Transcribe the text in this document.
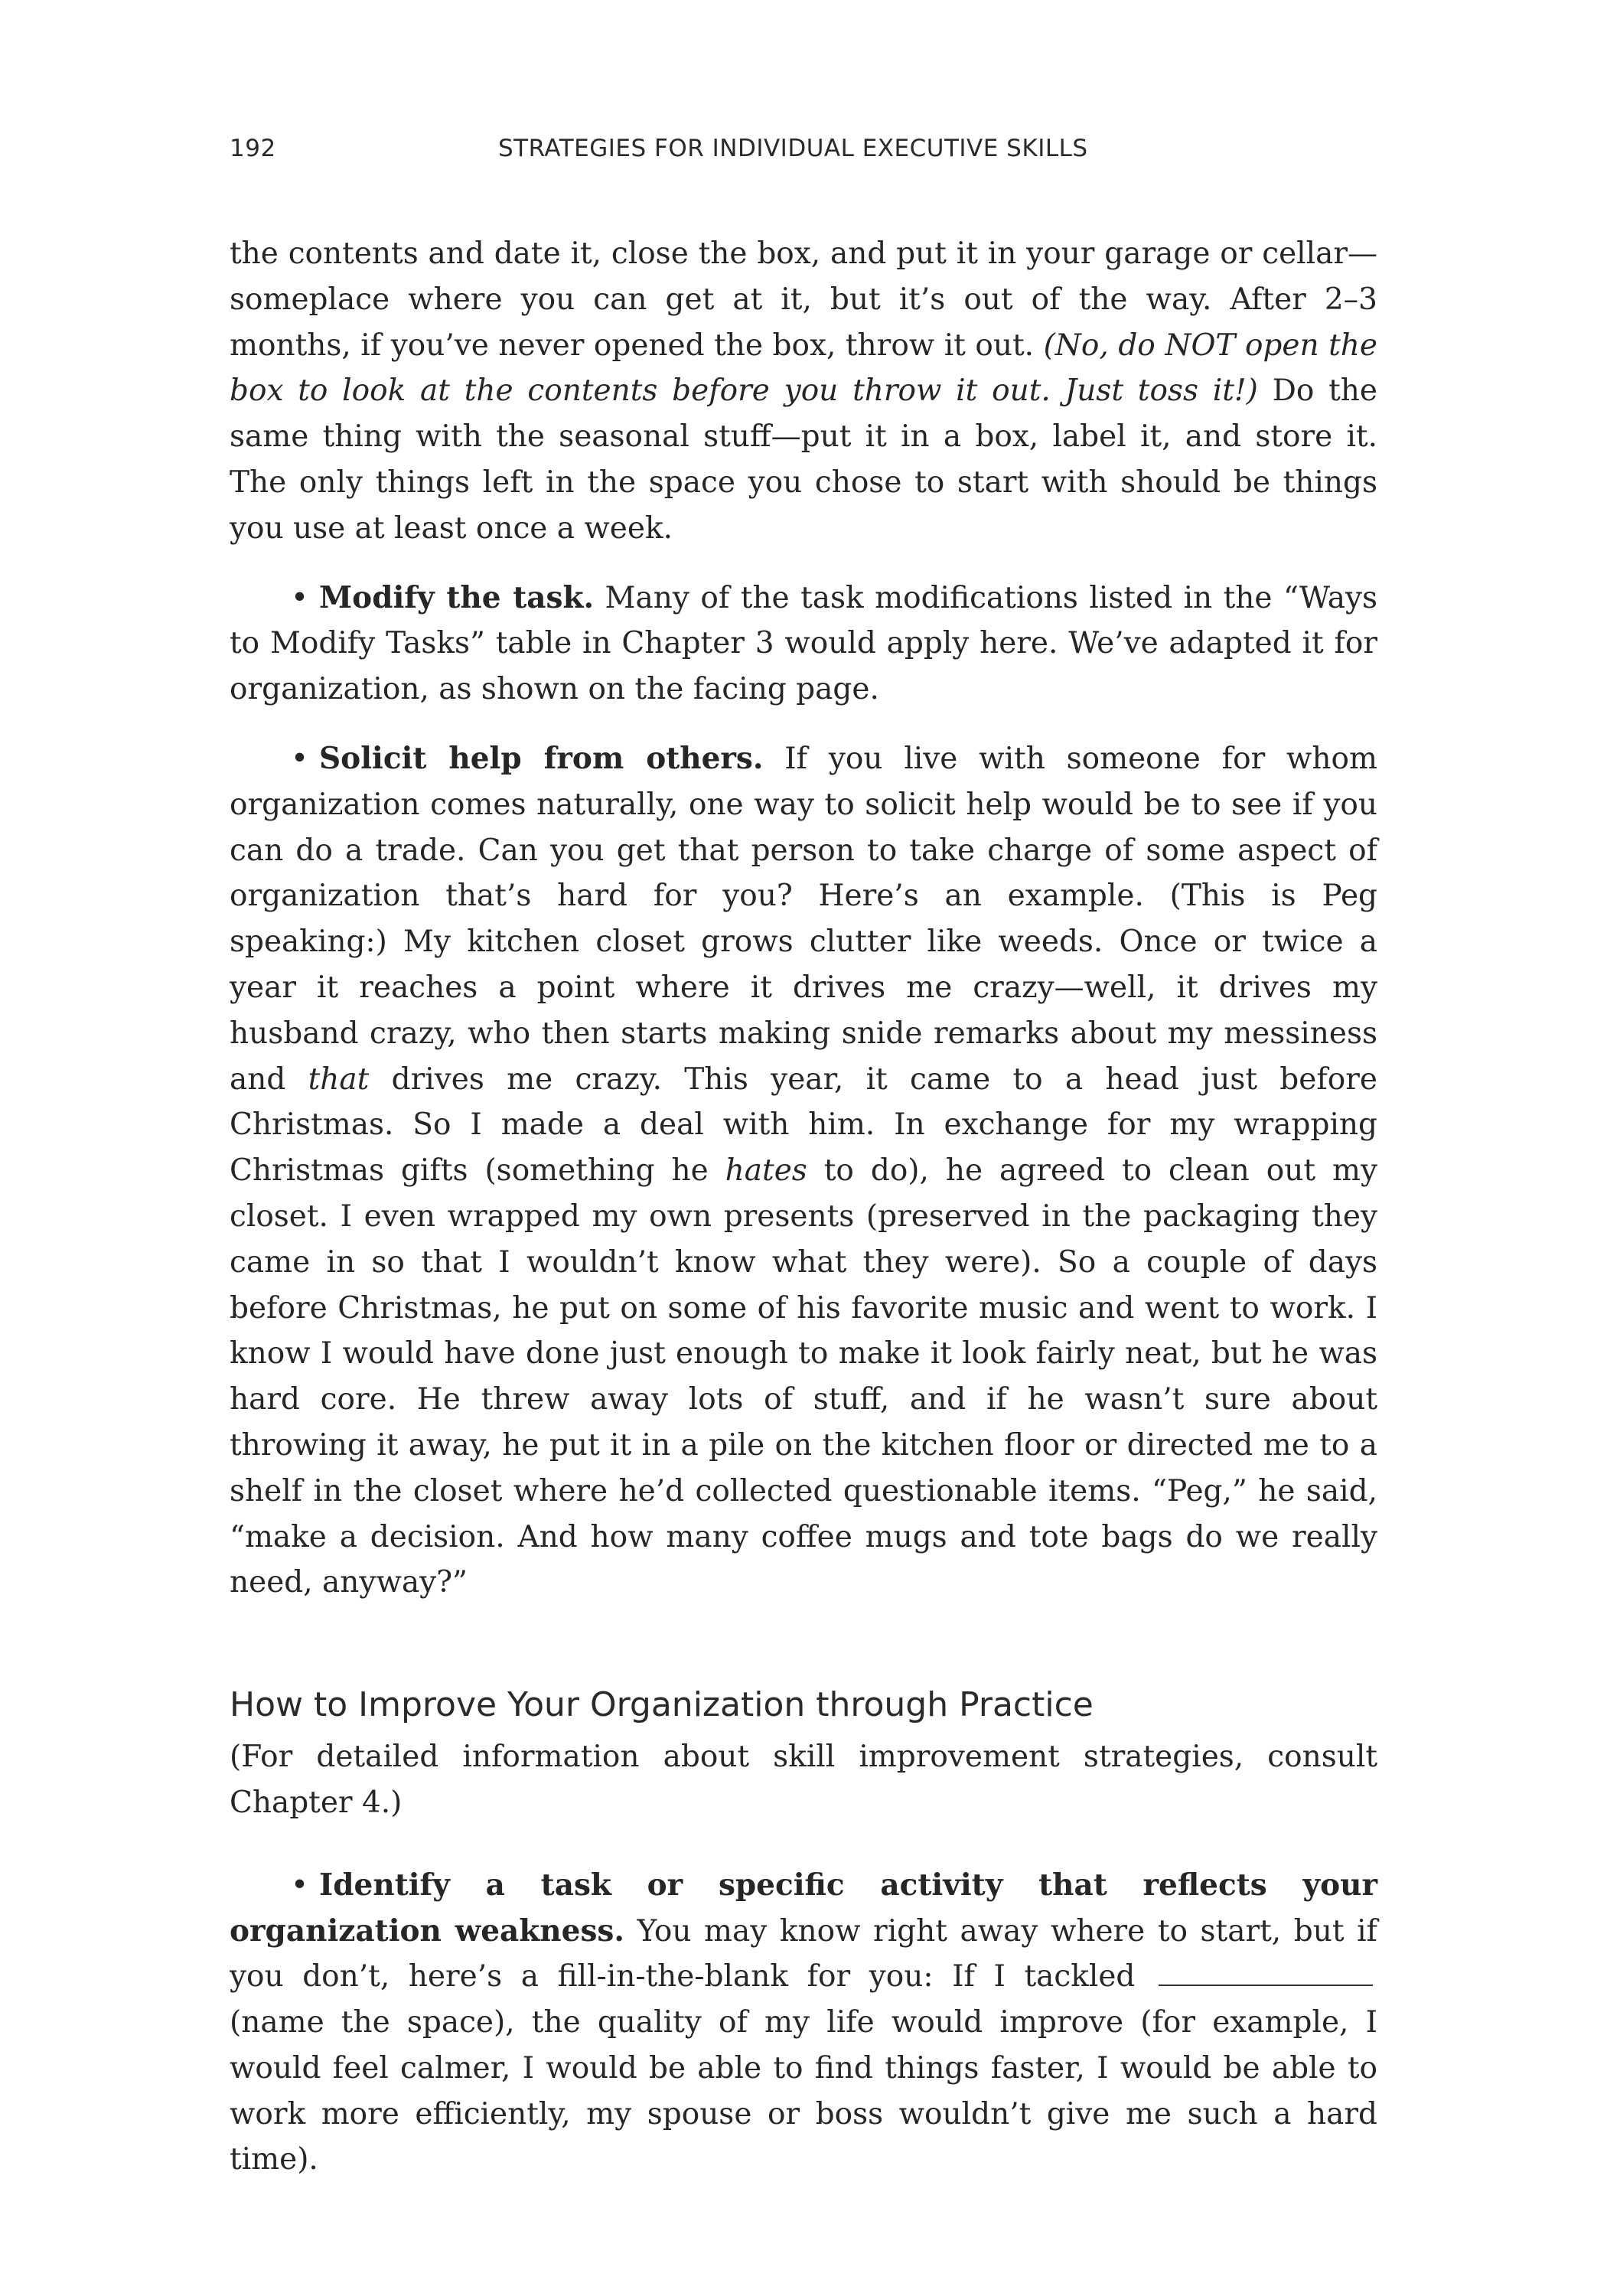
192	STRATEGIES FOR INDIVIDUAL EXECUTIVE SKILLS

the contents and date it, close the box, and put it in your garage or cellar—someplace where you can get at it, but it’s out of the way. After 2–3 months, if you’ve never opened the box, throw it out. (No, do NOT open the box to look at the contents before you throw it out. Just toss it!) Do the same thing with the seasonal stuff—put it in a box, label it, and store it. The only things left in the space you chose to start with should be things you use at least once a week.

• Modify the task. Many of the task modifications listed in the “Ways to Modify Tasks” table in Chapter 3 would apply here. We’ve adapted it for organization, as shown on the facing page.

• Solicit help from others. If you live with someone for whom organization comes naturally, one way to solicit help would be to see if you can do a trade. Can you get that person to take charge of some aspect of organization that’s hard for you? Here’s an example. (This is Peg speaking:) My kitchen closet grows clutter like weeds. Once or twice a year it reaches a point where it drives me crazy—well, it drives my husband crazy, who then starts making snide remarks about my messiness and that drives me crazy. This year, it came to a head just before Christmas. So I made a deal with him. In exchange for my wrapping Christmas gifts (something he hates to do), he agreed to clean out my closet. I even wrapped my own presents (preserved in the packaging they came in so that I wouldn’t know what they were). So a couple of days before Christmas, he put on some of his favorite music and went to work. I know I would have done just enough to make it look fairly neat, but he was hard core. He threw away lots of stuff, and if he wasn’t sure about throwing it away, he put it in a pile on the kitchen floor or directed me to a shelf in the closet where he’d collected questionable items. “Peg,” he said, “make a decision. And how many coffee mugs and tote bags do we really need, anyway?”

How to Improve Your Organization through Practice

(For detailed information about skill improvement strategies, consult Chapter 4.)

• Identify a task or specific activity that reflects your organization weakness. You may know right away where to start, but if you don’t, here’s a fill-in-the-blank for you: If I tackled  (name the space), the quality of my life would improve (for example, I would feel calmer, I would be able to find things faster, I would be able to work more efficiently, my spouse or boss wouldn’t give me such a hard time).
